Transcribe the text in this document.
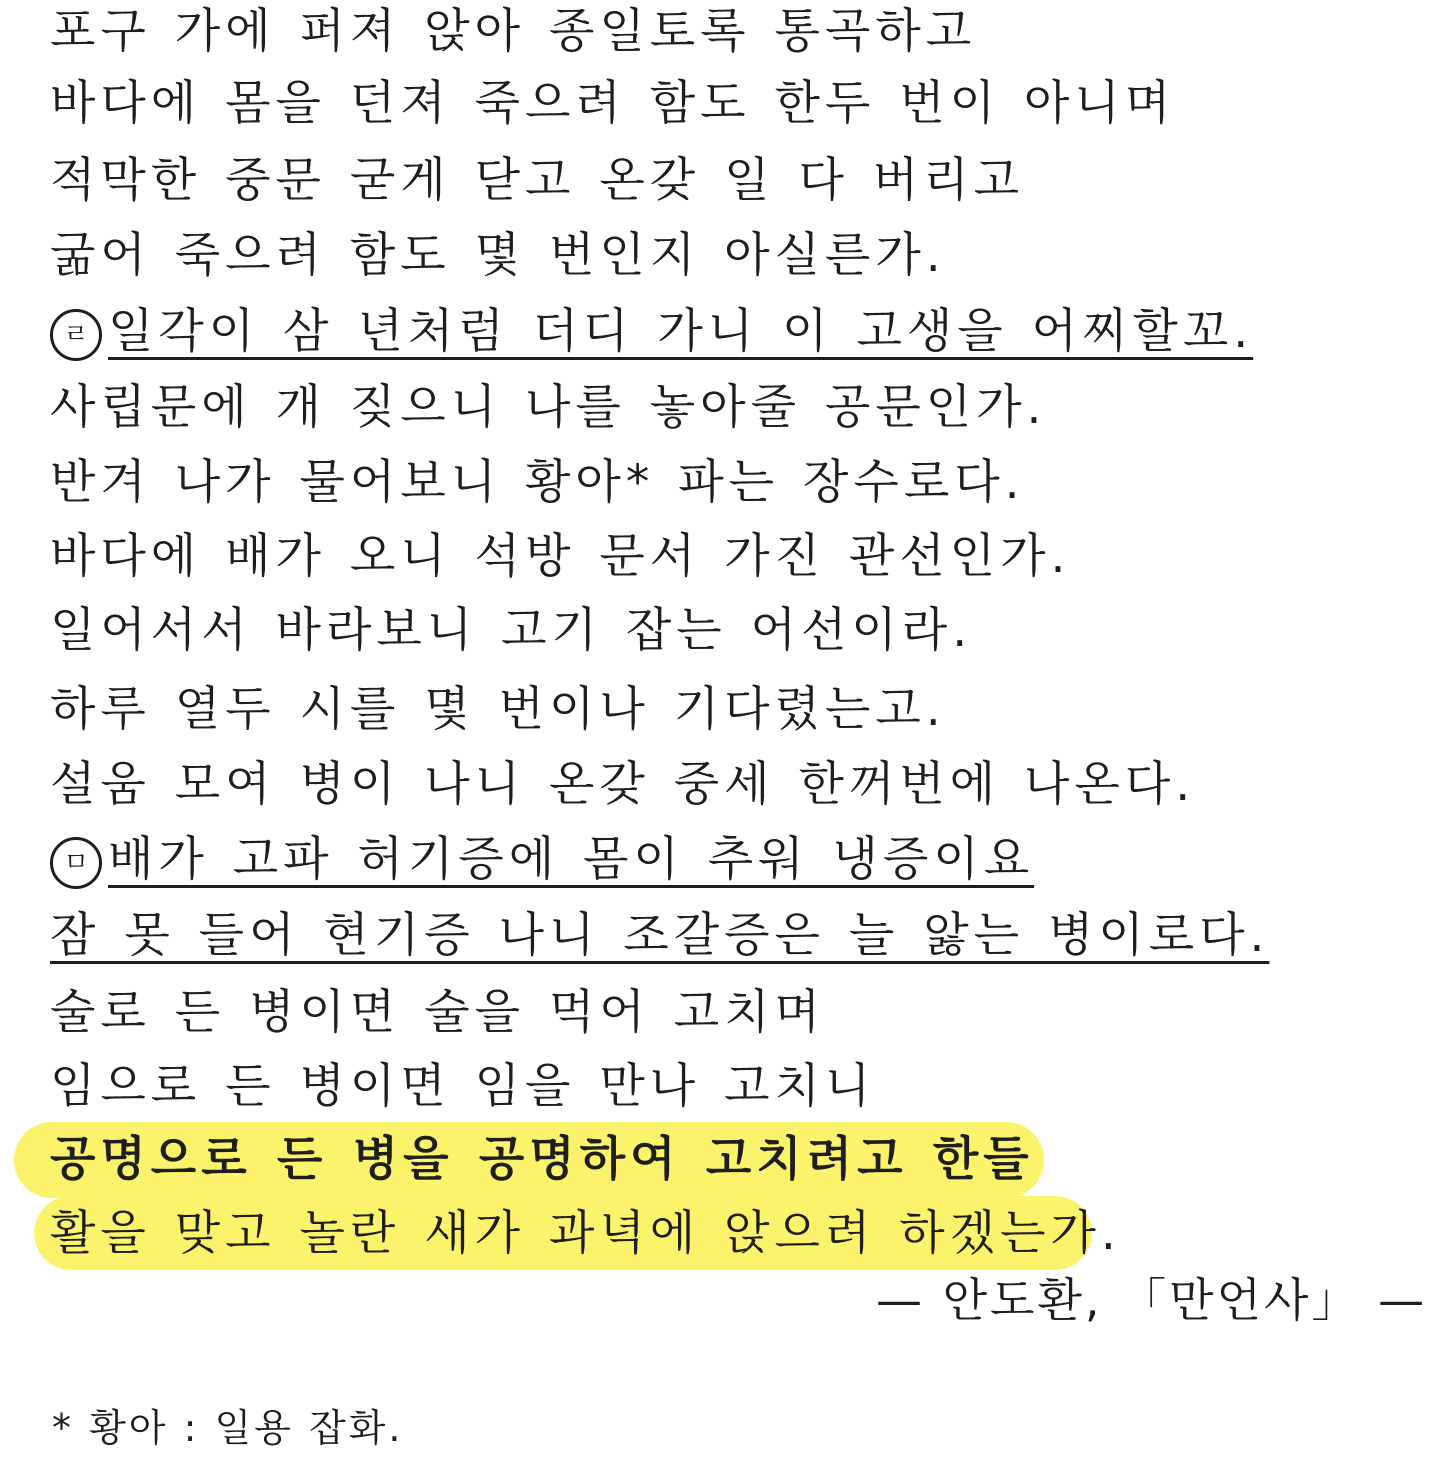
포구 가에 퍼져 앉아 종일토록 통곡하고
바다에 몸을 던져 죽으려 함도 한두 번이 아니며
적막한 중문 굳게 닫고 온갖 일 다 버리고
굶어 죽으려 함도 몇 번인지 아실른가.
ㄹ 일각이 삼 년처럼 더디 가니 이 고생을 어찌할꼬.
사립문에 개 짖으니 나를 놓아줄 공문인가.
반겨 나가 물어보니 황아* 파는 장수로다.
바다에 배가 오니 석방 문서 가진 관선인가.
일어서서 바라보니 고기 잡는 어선이라.
하루 열두 시를 몇 번이나 기다렸는고.
설움 모여 병이 나니 온갖 중세 한꺼번에 나온다.
ㅁ 배가 고파 허기증에 몸이 추워 냉증이요
잠 못 들어 현기증 나니 조갈증은 늘 앓는 병이로다.
술로 든 병이면 술을 먹어 고치며
임으로 든 병이면 임을 만나 고치니
공명으로 든 병을 공명하여 고치려고 한들
활을 맞고 놀란 새가 과녁에 앉으려 하겠는가.
— 안도환, 「만언사」 —
* 황아 : 일용 잡화.
